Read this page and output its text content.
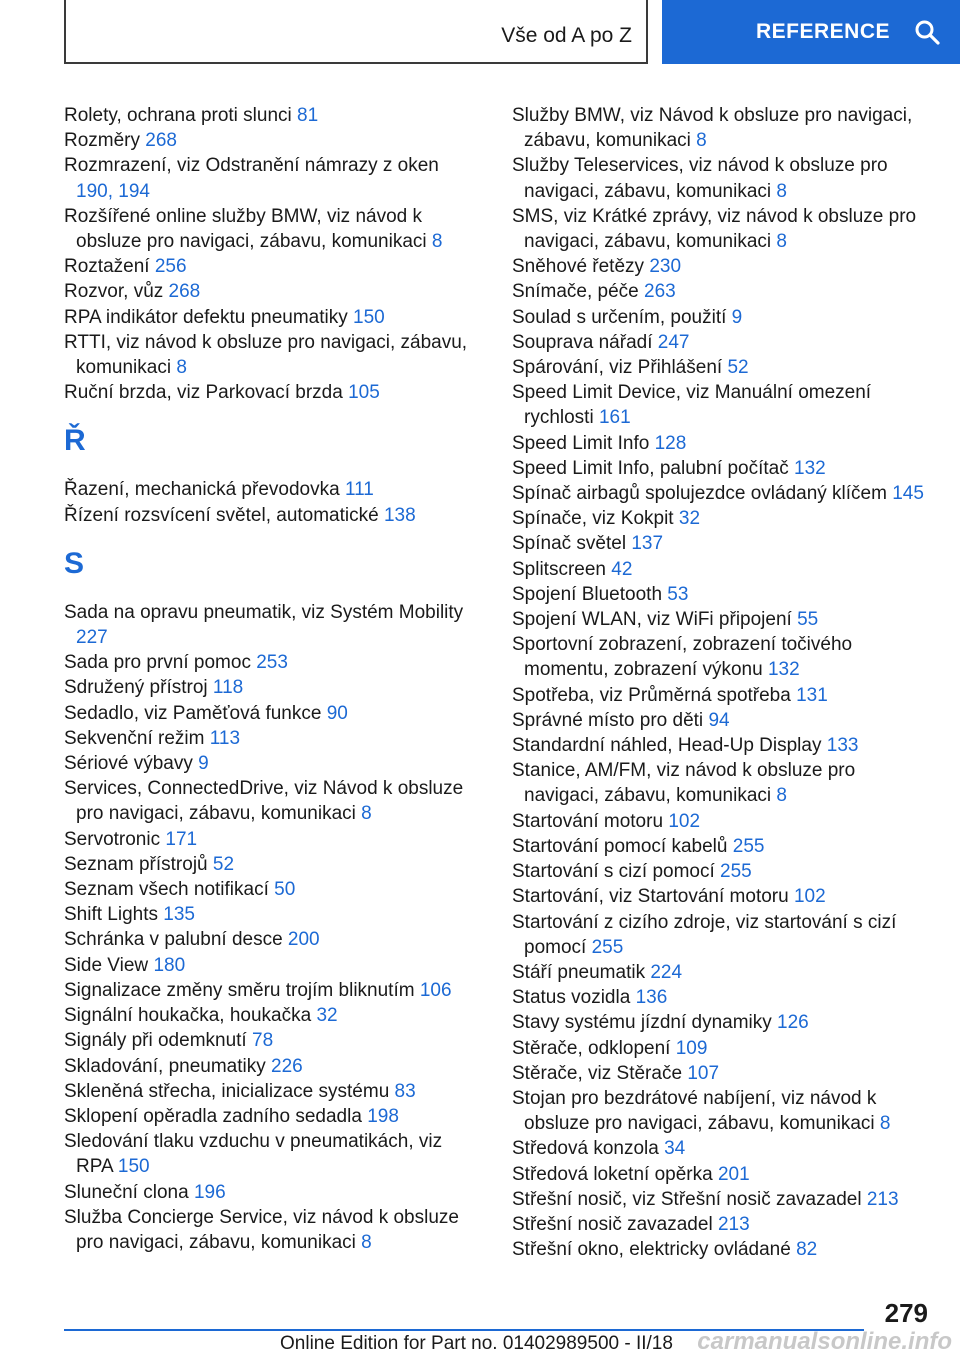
Vše od A po Z	REFERENCE

Rolety, ochrana proti slunci 81

Rozměry 268

Rozmrazení, viz Odstranění námrazy z oken 190, 194

Rozšířené online služby BMW, viz návod k obsluze pro navigaci, zábavu, komunikaci 8

Roztažení 256

Rozvor, vůz 268

RPA indikátor defektu pneumatiky 150

RTTI, viz návod k obsluze pro navigaci, zábavu, komunikaci 8

Ruční brzda, viz Parkovací brzda 105

Ř

Řazení, mechanická převodovka 111

Řízení rozsvícení světel, automatické 138

S

Sada na opravu pneumatik, viz Systém Mobility 227

Sada pro první pomoc 253

Sdružený přístroj 118

Sedadlo, viz Paměťová funkce 90

Sekvenční režim 113

Sériové výbavy 9

Services, ConnectedDrive, viz Návod k obsluze pro navigaci, zábavu, komunikaci 8

Servotronic 171

Seznam přístrojů 52

Seznam všech notifikací 50

Shift Lights 135

Schránka v palubní desce 200

Side View 180

Signalizace změny směru trojím bliknutím 106

Signální houkačka, houkačka 32

Signály při odemknutí 78

Skladování, pneumatiky 226

Skleněná střecha, inicializace systému 83

Sklopení opěradla zadního sedadla 198

Sledování tlaku vzduchu v pneumatikách, viz RPA 150

Sluneční clona 196

Služba Concierge Service, viz návod k obsluze pro navigaci, zábavu, komunikaci 8

Služby BMW, viz Návod k obsluze pro navigaci, zábavu, komunikaci 8

Služby Teleservices, viz návod k obsluze pro navigaci, zábavu, komunikaci 8

SMS, viz Krátké zprávy, viz návod k obsluze pro navigaci, zábavu, komunikaci 8

Sněhové řetězy 230

Snímače, péče 263

Soulad s určením, použití 9

Souprava nářadí 247

Spárování, viz Přihlášení 52

Speed Limit Device, viz Manuální omezení rychlosti 161

Speed Limit Info 128

Speed Limit Info, palubní počítač 132

Spínač airbagů spolujezdce ovládaný klíčem 145

Spínače, viz Kokpit 32

Spínač světel 137

Splitscreen 42

Spojení Bluetooth 53

Spojení WLAN, viz WiFi připojení 55

Sportovní zobrazení, zobrazení točivého momentu, zobrazení výkonu 132

Spotřeba, viz Průměrná spotřeba 131

Správné místo pro děti 94

Standardní náhled, Head-Up Display 133

Stanice, AM/FM, viz návod k obsluze pro navigaci, zábavu, komunikaci 8

Startování motoru 102

Startování pomocí kabelů 255

Startování s cizí pomocí 255

Startování, viz Startování motoru 102

Startování z cizího zdroje, viz startování s cizí pomocí 255

Stáří pneumatik 224

Status vozidla 136

Stavy systému jízdní dynamiky 126

Stěrače, odklopení 109

Stěrače, viz Stěrače 107

Stojan pro bezdrátové nabíjení, viz návod k obsluze pro navigaci, zábavu, komunikaci 8

Středová konzola 34

Středová loketní opěrka 201

Střešní nosič, viz Střešní nosič zavazadel 213

Střešní nosič zavazadel 213

Střešní okno, elektricky ovládané 82

279
Online Edition for Part no. 01402989500 - II/18 carmanualsonline.info
